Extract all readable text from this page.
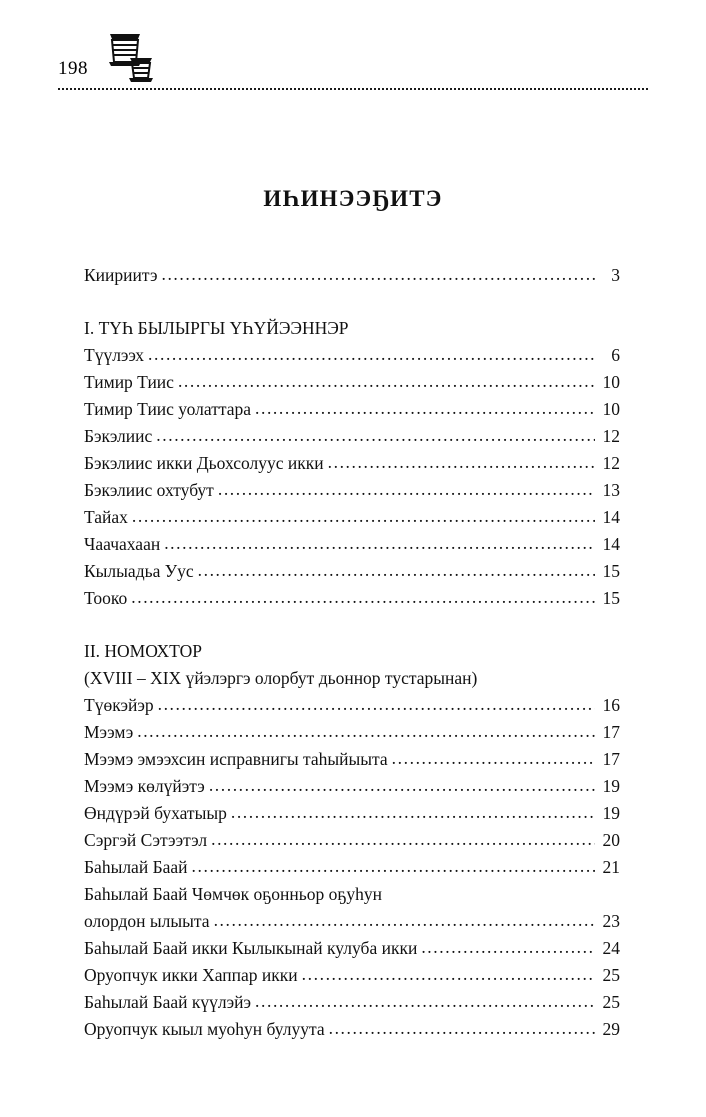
198
ИҺИНЭЭҔИТЭ
Киириитэ .....	3
I. ТҮҺ БЫЛЫРГЫ ҮҺҮЙЭЭННЭР
Түүлээх .....	6
Тимир Тиис .....	10
Тимир Тиис уолаттара .....	10
Бэкэлиис .....	12
Бэкэлиис икки Дьохсолуус икки .....	12
Бэкэлиис охтубут .....	13
Тайах .....	14
Чаачахаан .....	14
Кылыадьа Уус .....	15
Тооко .....	15
II. НОМОХТОР
(XVIII – XIX үйэлэргэ олорбут дьоннор тустарынан)
Түөкэйэр .....	16
Мээмэ .....	17
Мээмэ эмээхсин исправнигы таһыйыыта .....	17
Мээмэ көлүйэтэ .....	19
Өндүрэй бухатыыр .....	19
Сэргэй Сэтээтэл .....	20
Баһылай Баай .....	21
Баһылай Баай Чөмчөк оҕонньор оҕуһун
олордон ылыыта .....	23
Баһылай Баай икки Кылыкынай кулуба икки .....	24
Оруопчук икки Хаппар икки .....	25
Баһылай Баай күүлэйэ .....	25
Оруопчук кыыл муоһун булуута .....	29
